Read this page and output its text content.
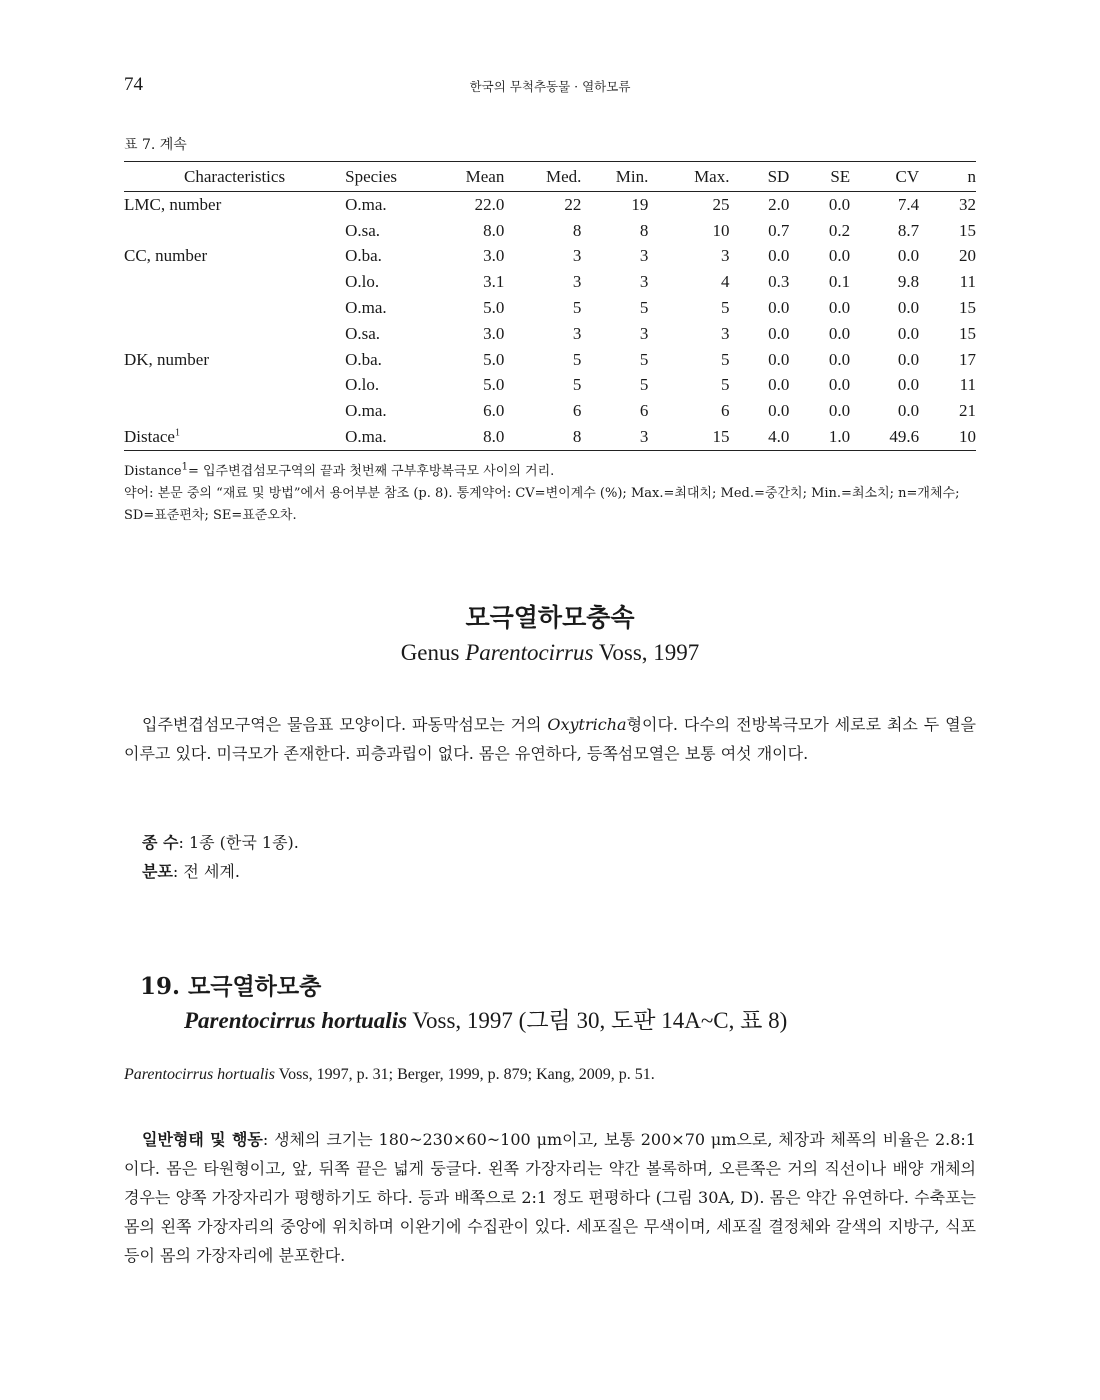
74	한국의 무척추동물 · 열하모류
표 7. 계속
Characteristics	Species	Mean	Med.	Min.	Max.	SD	SE	CV	n
LMC, number	O.ma.	22.0	22	19	25	2.0	0.0	7.4	32
	O.sa.	8.0	8	8	10	0.7	0.2	8.7	15
CC, number	O.ba.	3.0	3	3	3	0.0	0.0	0.0	20
	O.lo.	3.1	3	3	4	0.3	0.1	9.8	11
	O.ma.	5.0	5	5	5	0.0	0.0	0.0	15
	O.sa.	3.0	3	3	3	0.0	0.0	0.0	15
DK, number	O.ba.	5.0	5	5	5	0.0	0.0	0.0	17
	O.lo.	5.0	5	5	5	0.0	0.0	0.0	11
	O.ma.	6.0	6	6	6	0.0	0.0	0.0	21
Distace$^1$	O.ma.	8.0	8	3	15	4.0	1.0	49.6	10

Distance$^1$= 입주변겹섬모구역의 끝과 첫번째 구부후방복극모 사이의 거리.

약어: 본문 중의 “재료 및 방법”에서 용어부분 참조 (p. 8). 통계약어: CV=변이계수 (%); Max.=최대치; Med.=중간치; Min.=최소치; n=개체수; SD=표준편차; SE=표준오차.

모극열하모충속
Genus Parentocirrus Voss, 1997

입주변겹섬모구역은 물음표 모양이다. 파동막섬모는 거의 Oxytricha형이다. 다수의 전방복극모가 세로로 최소 두 열을 이루고 있다. 미극모가 존재한다. 피층과립이 없다. 몸은 유연하다, 등쪽섬모열은 보통 여섯 개이다.

종 수: 1종 (한국 1종).

분포: 전 세계.

19. 모극열하모충
Parentocirrus hortualis Voss, 1997 (그림 30, 도판 14A~C, 표 8)
Parentocirrus hortualis Voss, 1997, p. 31; Berger, 1999, p. 879; Kang, 2009, p. 51.

일반형태 및 행동: 생체의 크기는 180~230×60~100 μm이고, 보통 200×70 μm으로, 체장과 체폭의 비율은 2.8:1이다. 몸은 타원형이고, 앞, 뒤쪽 끝은 넓게 둥글다. 왼쪽 가장자리는 약간 볼록하며, 오른쪽은 거의 직선이나 배양 개체의 경우는 양쪽 가장자리가 평행하기도 하다. 등과 배쪽으로 2:1 정도 편평하다 (그림 30A, D). 몸은 약간 유연하다. 수축포는 몸의 왼쪽 가장자리의 중앙에 위치하며 이완기에 수집관이 있다. 세포질은 무색이며, 세포질 결정체와 갈색의 지방구, 식포 등이 몸의 가장자리에 분포한다.
